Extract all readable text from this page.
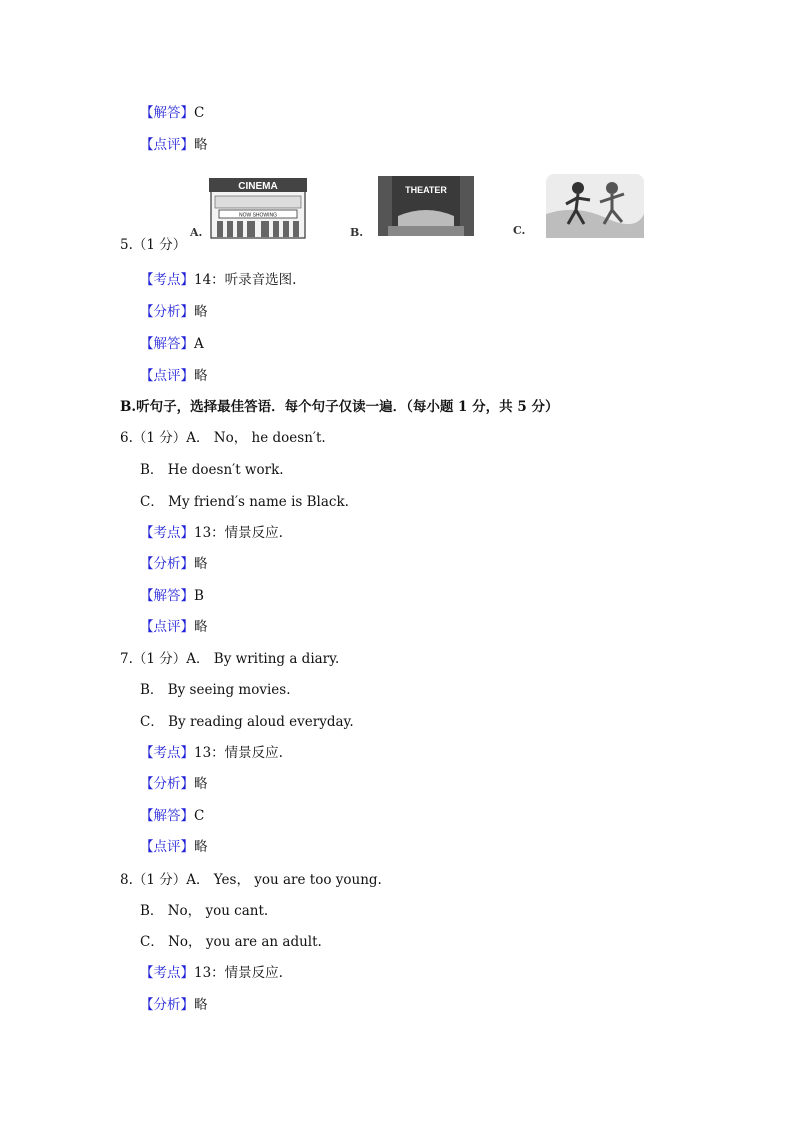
【解答】C
【点评】略
A.
CINEMA
NOW SHOWING
B.
THEATER
C.
5.（1 分）
【考点】14：听录音选图.
【分析】略
【解答】A
【点评】略
B.听句子，选择最佳答语．每个句子仅读一遍．（每小题 1 分，共 5 分）
6.（1 分）A． No， he doesn′t.
B． He doesn′t work.
C． My friend′s name is Black.
【考点】13：情景反应.
【分析】略
【解答】B
【点评】略
7.（1 分）A． By writing a diary.
B． By seeing movies.
C． By reading aloud everyday.
【考点】13：情景反应.
【分析】略
【解答】C
【点评】略
8.（1 分）A． Yes， you are too young.
B． No， you cant.
C． No， you are an adult.
【考点】13：情景反应.
【分析】略
